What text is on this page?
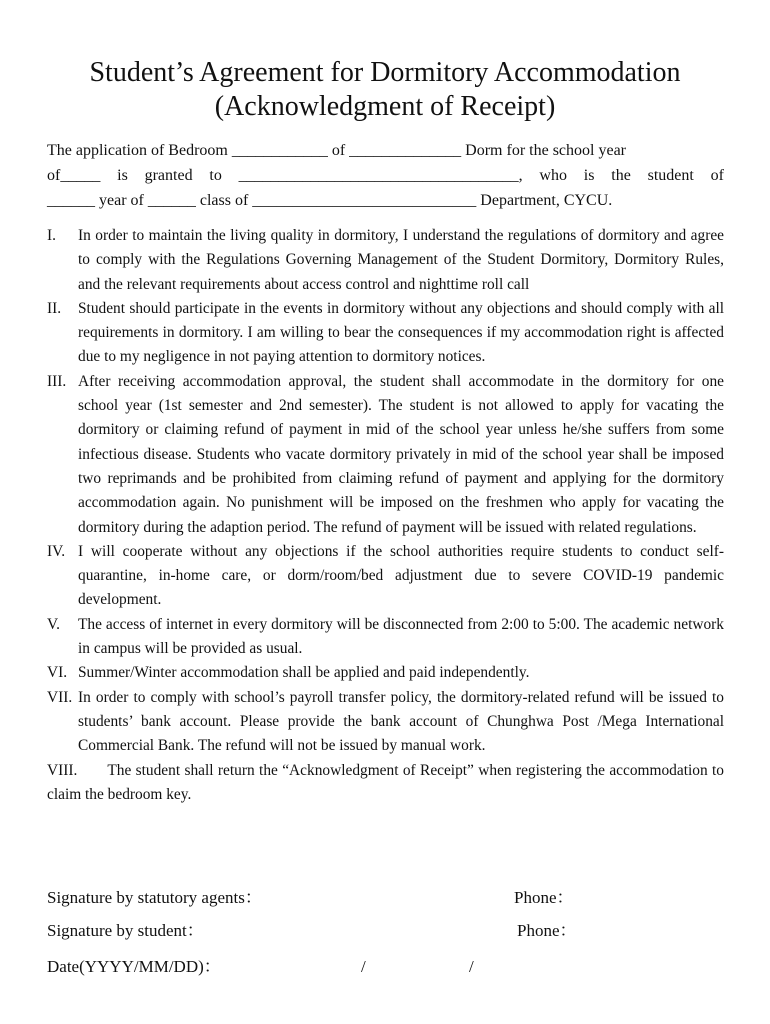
Student’s Agreement for Dormitory Accommodation
(Acknowledgment of Receipt)
The application of Bedroom ____________ of ______________ Dorm for the school year
of_____ is granted to ___________________________________, who is the student of
______ year of ______ class of ____________________________ Department, CYCU.

I. In order to maintain the living quality in dormitory, I understand the regulations of dormitory and agree to comply with the Regulations Governing Management of the Student Dormitory, Dormitory Rules, and the relevant requirements about access control and nighttime roll call

II. Student should participate in the events in dormitory without any objections and should comply with all requirements in dormitory. I am willing to bear the consequences if my accommodation right is affected due to my negligence in not paying attention to dormitory notices.

III. After receiving accommodation approval, the student shall accommodate in the dormitory for one school year (1st semester and 2nd semester). The student is not allowed to apply for vacating the dormitory or claiming refund of payment in mid of the school year unless he/she suffers from some infectious disease. Students who vacate dormitory privately in mid of the school year shall be imposed two reprimands and be prohibited from claiming refund of payment and applying for the dormitory accommodation again. No punishment will be imposed on the freshmen who apply for vacating the dormitory during the adaption period. The refund of payment will be issued with related regulations.

IV. I will cooperate without any objections if the school authorities require students to conduct self-quarantine, in-home care, or dorm/room/bed adjustment due to severe COVID-19 pandemic development.

V. The access of internet in every dormitory will be disconnected from 2:00 to 5:00. The academic network in campus will be provided as usual.

VI. Summer/Winter accommodation shall be applied and paid independently.

VII. In order to comply with school’s payroll transfer policy, the dormitory-related refund will be issued to students’ bank account. Please provide the bank account of Chunghwa Post /Mega International Commercial Bank. The refund will not be issued by manual work.

VIII. The student shall return the “Acknowledgment of Receipt” when registering the accommodation to claim the bedroom key.

Signature by statutory agents：	Phone：
Signature by student：	Phone：
Date(YYYY/MM/DD)：	/	/
